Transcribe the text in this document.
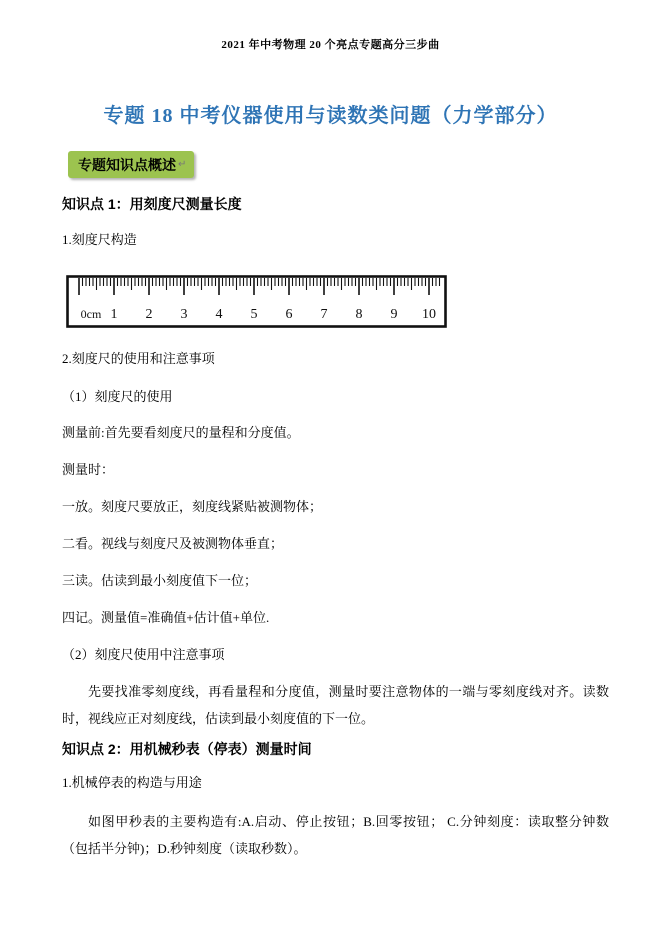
2021 年中考物理 20 个亮点专题高分三步曲
专题 18 中考仪器使用与读数类问题（力学部分）
专题知识点概述 ↵
知识点 1：用刻度尺测量长度
1.刻度尺构造
0cm 1 2 3 4 5 6 7 8 9 10
2.刻度尺的使用和注意事项
（1）刻度尺的使用
测量前:首先要看刻度尺的量程和分度值。
测量时：
一放。刻度尺要放正，刻度线紧贴被测物体；
二看。视线与刻度尺及被测物体垂直；
三读。估读到最小刻度值下一位；
四记。测量值=准确值+估计值+单位.
（2）刻度尺使用中注意事项
先要找准零刻度线，再看量程和分度值，测量时要注意物体的一端与零刻度线对齐。读数时，视线应正对刻度线，估读到最小刻度值的下一位。
知识点 2：用机械秒表（停表）测量时间
1.机械停表的构造与用途
如图甲秒表的主要构造有:A.启动、停止按钮；B.回零按钮； C.分钟刻度：读取整分钟数（包括半分钟)；D.秒钟刻度（读取秒数）。
